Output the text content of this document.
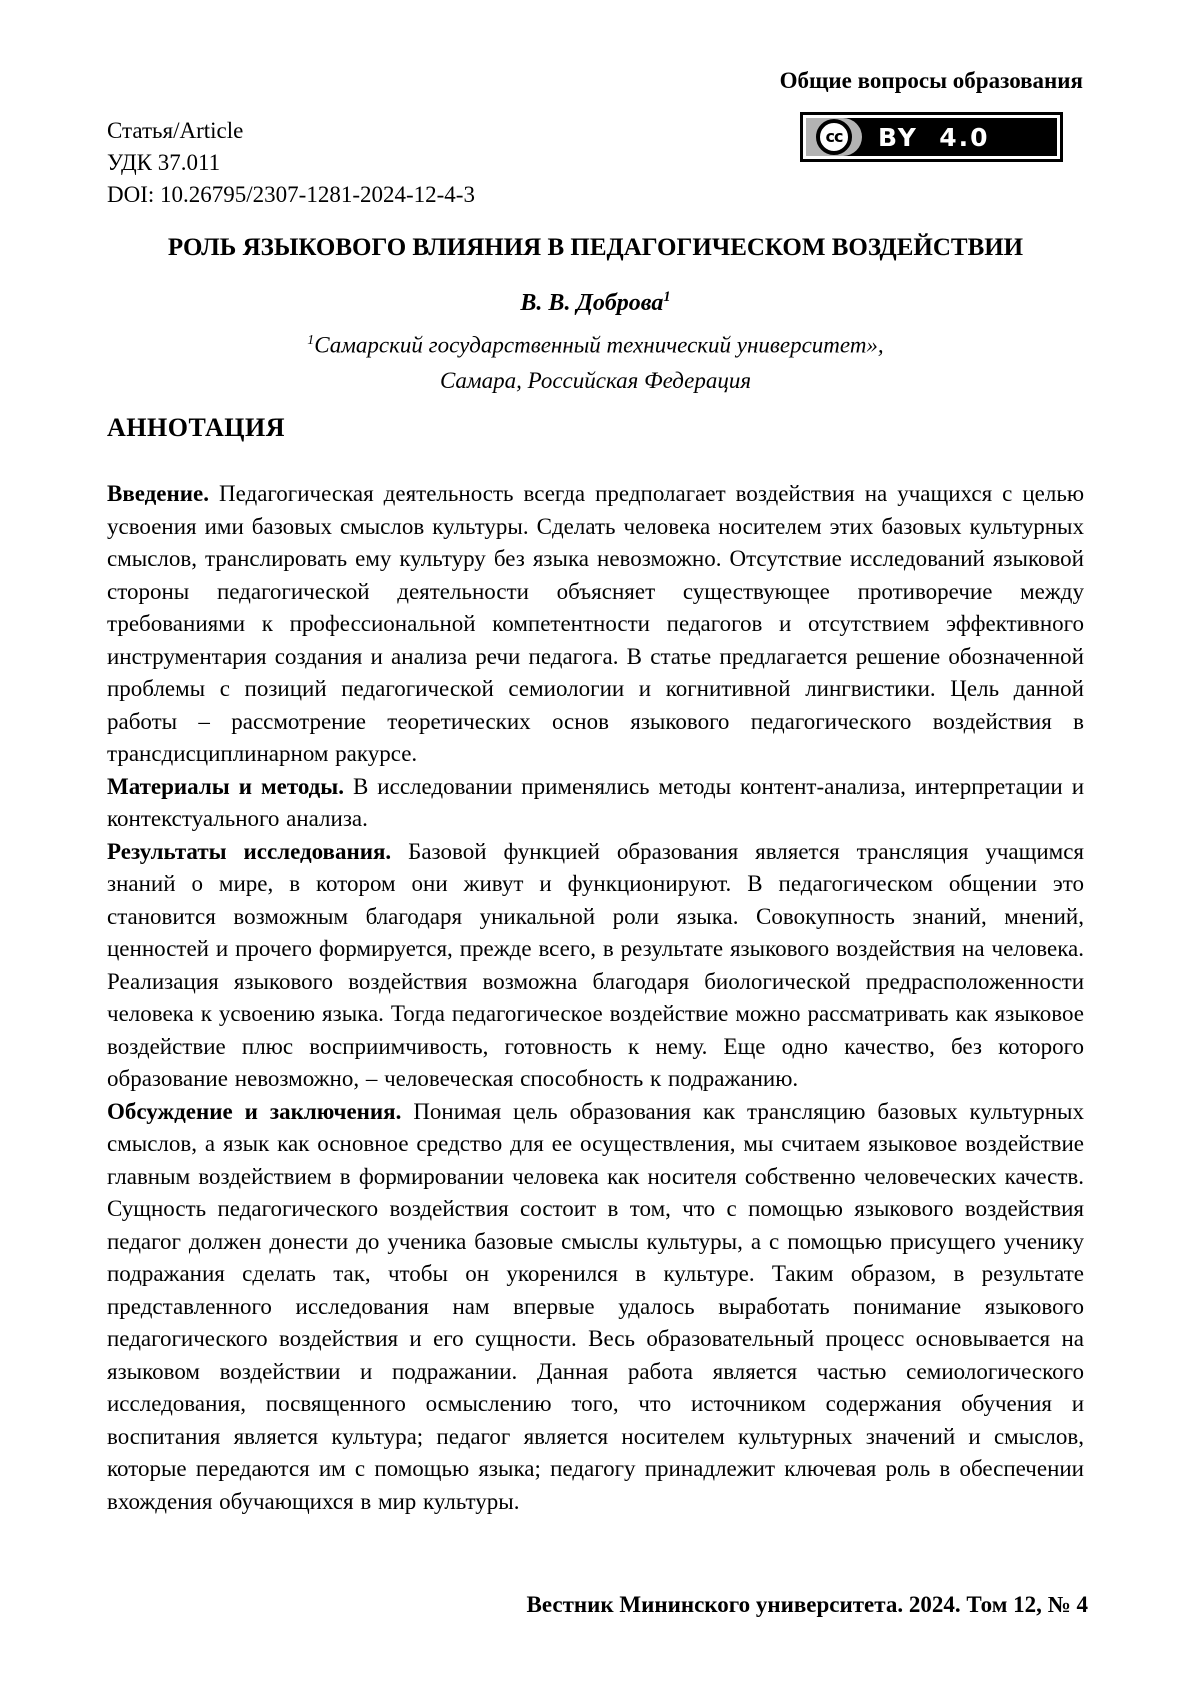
Общие вопросы образования
Статья/Article
УДК 37.011
DOI: 10.26795/2307-1281-2024-12-4-3
cc	BY  4.0
РОЛЬ ЯЗЫКОВОГО ВЛИЯНИЯ В ПЕДАГОГИЧЕСКОМ ВОЗДЕЙСТВИИ
В. В. Доброва$^1$
$^1$Самарский государственный технический университет»,
Самара, Российская Федерация
АННОТАЦИЯ

Введение. Педагогическая деятельность всегда предполагает воздействия на учащихся с целью усвоения ими базовых смыслов культуры. Сделать человека носителем этих базовых культурных смыслов, транслировать ему культуру без языка невозможно. Отсутствие исследований языковой стороны педагогической деятельности объясняет существующее противоречие между требованиями к профессиональной компетентности педагогов и отсутствием эффективного инструментария создания и анализа речи педагога. В статье предлагается решение обозначенной проблемы с позиций педагогической семиологии и когнитивной лингвистики. Цель данной работы – рассмотрение теоретических основ языкового педагогического воздействия в трансдисциплинарном ракурсе.

Материалы и методы. В исследовании применялись методы контент-анализа, интерпретации и контекстуального анализа.

Результаты исследования. Базовой функцией образования является трансляция учащимся знаний о мире, в котором они живут и функционируют. В педагогическом общении это становится возможным благодаря уникальной роли языка. Совокупность знаний, мнений, ценностей и прочего формируется, прежде всего, в результате языкового воздействия на человека. Реализация языкового воздействия возможна благодаря биологической предрасположенности человека к усвоению языка. Тогда педагогическое воздействие можно рассматривать как языковое воздействие плюс восприимчивость, готовность к нему. Еще одно качество, без которого образование невозможно, – человеческая способность к подражанию.

Обсуждение и заключения. Понимая цель образования как трансляцию базовых культурных смыслов, а язык как основное средство для ее осуществления, мы считаем языковое воздействие главным воздействием в формировании человека как носителя собственно человеческих качеств. Сущность педагогического воздействия состоит в том, что с помощью языкового воздействия педагог должен донести до ученика базовые смыслы культуры, а с помощью присущего ученику подражания сделать так, чтобы он укоренился в культуре. Таким образом, в результате представленного исследования нам впервые удалось выработать понимание языкового педагогического воздействия и его сущности. Весь образовательный процесс основывается на языковом воздействии и подражании. Данная работа является частью семиологического исследования, посвященного осмыслению того, что источником содержания обучения и воспитания является культура; педагог является носителем культурных значений и смыслов, которые передаются им с помощью языка; педагогу принадлежит ключевая роль в обеспечении вхождения обучающихся в мир культуры.

Вестник Мининского университета. 2024. Том 12, № 4
